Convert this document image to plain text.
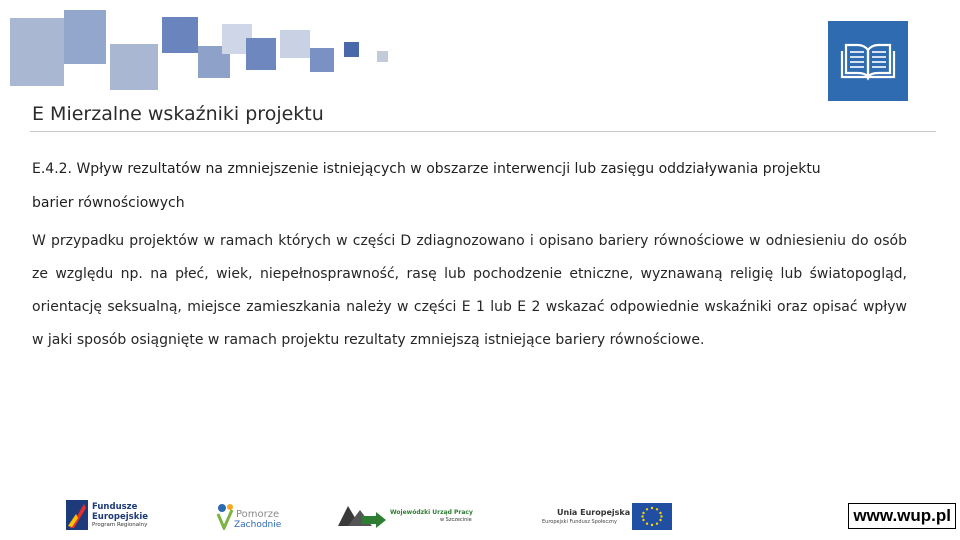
E Mierzalne wskaźniki projektu
E.4.2. Wpływ rezultatów na zmniejszenie istniejących w obszarze interwencji lub zasięgu oddziaływania projektu
barier równościowych
W przypadku projektów w ramach których w części D zdiagnozowano i opisano bariery równościowe w odniesieniu do osób ze względu np. na płeć, wiek, niepełnosprawność, rasę lub pochodzenie etniczne, wyznawaną religię lub światopogląd, orientację seksualną, miejsce zamieszkania należy w części E 1 lub E 2 wskazać odpowiednie wskaźniki oraz opisać wpływ w jaki sposób osiągnięte w ramach projektu rezultaty zmniejszą istniejące bariery równościowe.
Fundusze
Europejskie
Program Regionalny
Pomorze
Zachodnie
Wojewódzki Urząd Pracy
w Szczecinie
Unia Europejska
Europejski Fundusz Społeczny	www.wup.pl
